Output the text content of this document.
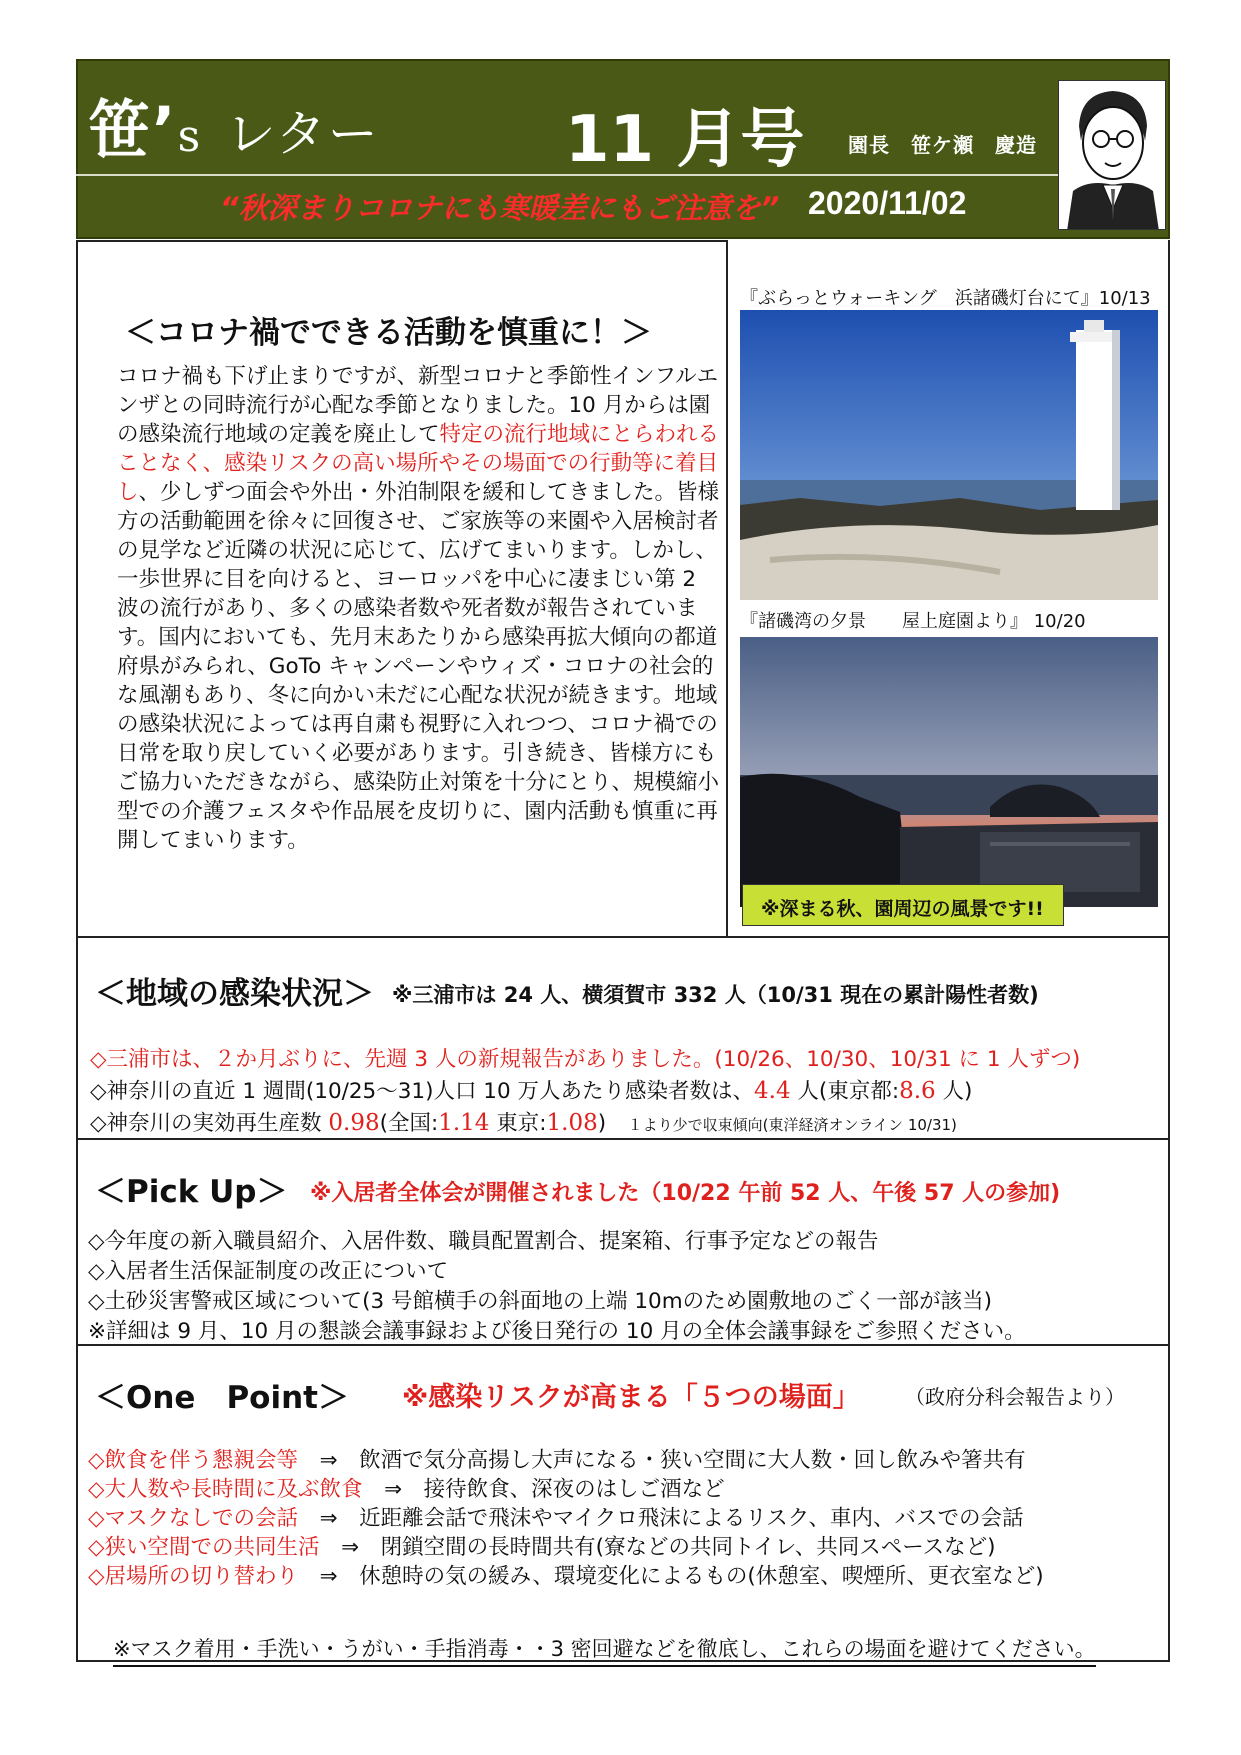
笹’s レター	11 月号 園長　笹ケ瀬　慶造
“秋深まりコロナにも寒暖差にもご注意を” 2020/11/02
＜コロナ禍でできる活動を慎重に！＞
コロナ禍も下げ止まりですが、新型コロナと季節性インフルエンザとの同時流行が心配な季節となりました。10 月からは園の感染流行地域の定義を廃止して特定の流行地域にとらわれることなく、感染リスクの高い場所やその場面での行動等に着目し、少しずつ面会や外出・外泊制限を緩和してきました。皆様方の活動範囲を徐々に回復させ、ご家族等の来園や入居検討者の見学など近隣の状況に応じて、広げてまいります。しかし、一歩世界に目を向けると、ヨーロッパを中心に凄まじい第 2 波の流行があり、多くの感染者数や死者数が報告されています。国内においても、先月末あたりから感染再拡大傾向の都道府県がみられ、GoTo キャンペーンやウィズ・コロナの社会的な風潮もあり、冬に向かい未だに心配な状況が続きます。地域の感染状況によっては再自粛も視野に入れつつ、コロナ禍での日常を取り戻していく必要があります。引き続き、皆様方にもご協力いただきながら、感染防止対策を十分にとり、規模縮小型での介護フェスタや作品展を皮切りに、園内活動も慎重に再開してまいります。
『ぶらっとウォーキング　浜諸磯灯台にて』10/13
『諸磯湾の夕景　　屋上庭園より』 10/20
※深まる秋、園周辺の風景です!!
＜地域の感染状況＞ ※三浦市は 24 人、横須賀市 332 人（10/31 現在の累計陽性者数)
◇三浦市は、２か月ぶりに、先週 3 人の新規報告がありました。(10/26、10/30、10/31 に 1 人ずつ)
◇神奈川の直近 1 週間(10/25～31)人口 10 万人あたり感染者数は、4.4 人(東京都:8.6 人)
◇神奈川の実効再生産数 0.98(全国:1.14 東京:1.08)　 １より少で収束傾向(東洋経済オンライン 10/31)
＜Pick Up＞ ※入居者全体会が開催されました（10/22 午前 52 人、午後 57 人の参加)
◇今年度の新入職員紹介、入居件数、職員配置割合、提案箱、行事予定などの報告
◇入居者生活保証制度の改正について
◇土砂災害警戒区域について(3 号館横手の斜面地の上端 10mのため園敷地のごく一部が該当)
※詳細は 9 月、10 月の懇談会議事録および後日発行の 10 月の全体会議事録をご参照ください。
＜One　Point＞ ※感染リスクが高まる「５つの場面」 （政府分科会報告より）
◇飲食を伴う懇親会等　 ⇒　 飲酒で気分高揚し大声になる・狭い空間に大人数・回し飲みや箸共有
◇大人数や長時間に及ぶ飲食　 ⇒　 接待飲食、深夜のはしご酒など
◇マスクなしでの会話　 ⇒　 近距離会話で飛沫やマイクロ飛沫によるリスク、車内、バスでの会話
◇狭い空間での共同生活　 ⇒　 閉鎖空間の長時間共有(寮などの共同トイレ、共同スペースなど)
◇居場所の切り替わり　 ⇒　 休憩時の気の緩み、環境変化によるもの(休憩室、喫煙所、更衣室など)
※マスク着用・手洗い・うがい・手指消毒・・3 密回避などを徹底し、これらの場面を避けてください。
